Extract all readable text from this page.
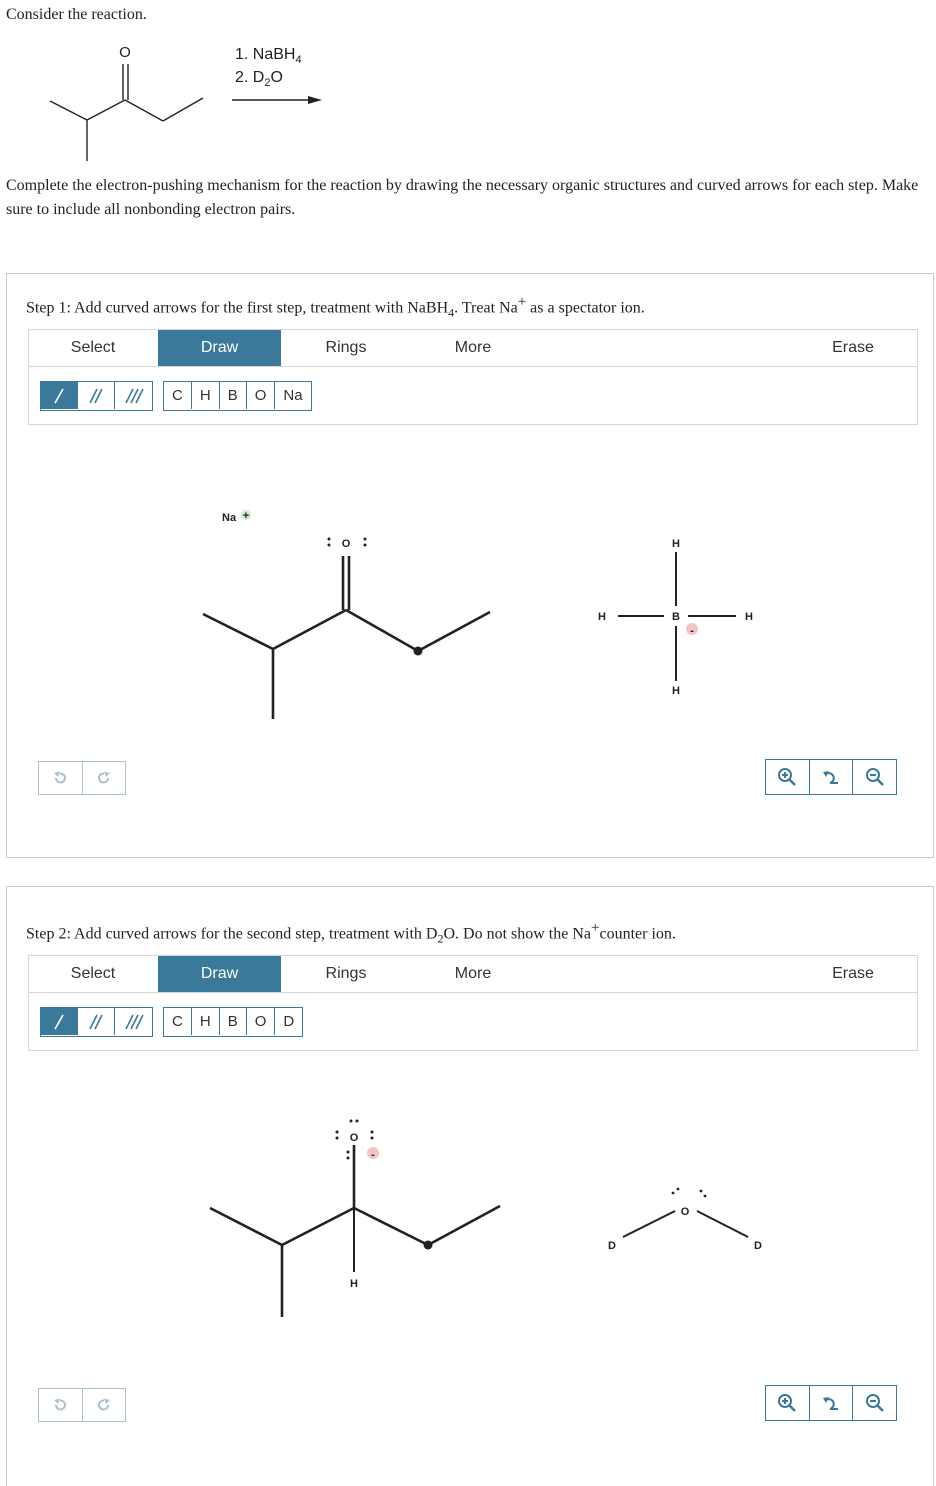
Consider the reaction.
O	1. NaBH$_4$
2. $D_2O$
Complete the electron-pushing mechanism for the reaction by drawing the necessary organic structures and curved arrows for each step. Make sure to include all nonbonding electron pairs.
Step 1: Add curved arrows for the first step, treatment with NaBH$_4$. Treat Na+ as a spectator ion.
Select	Draw	Rings	More	Erase
C	H	B	O	Na
Na +
O
B
-
H
H	H
H
Step 2: Add curved arrows for the second step, treatment with $D_2O$. Do not show the Na+counter ion.
Select	Draw	Rings	More	Erase
C	H	B	O	D
O
-
H
O
D	D
